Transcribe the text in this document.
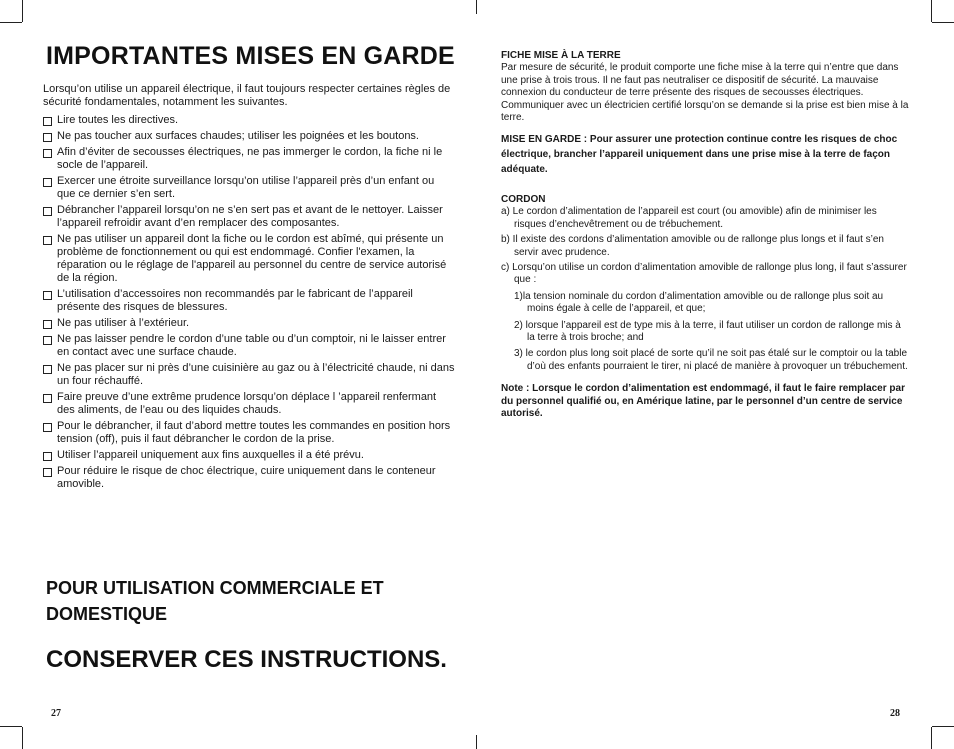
IMPORTANTES MISES EN GARDE

Lorsqu’on utilise un appareil électrique, il faut toujours respecter certaines règles de sécurité fondamentales, notamment les suivantes.

Lire toutes les directives.
Ne pas toucher aux surfaces chaudes; utiliser les poignées et les boutons.
Afin d’éviter de secousses électriques, ne pas immerger le cordon, la fiche ni le socle de l’appareil.
Exercer une étroite surveillance lorsqu’on utilise l’appareil près d’un enfant ou que ce dernier s’en sert.
Débrancher l’appareil lorsqu’on ne s’en sert pas et avant de le nettoyer. Laisser l’appareil refroidir avant d’en remplacer des composantes.
Ne pas utiliser un appareil dont la fiche ou le cordon est abîmé, qui présente un problème de fonctionnement ou qui est endommagé. Confier l'examen, la réparation ou le réglage de l'appareil au personnel du centre de service autorisé de la région.
L’utilisation d’accessoires non recommandés par le fabricant de l’appareil présente des risques de blessures.
Ne pas utiliser à l’extérieur.
Ne pas laisser pendre le cordon d’une table ou d’un comptoir, ni le laisser entrer en contact avec une surface chaude.
Ne pas placer sur ni près d’une cuisinière au gaz ou à l’électricité chaude, ni dans un four réchauffé.
Faire preuve d’une extrême prudence lorsqu’on déplace l ’appareil renfermant des aliments, de l’eau ou des liquides chauds.
Pour le débrancher, il faut d’abord mettre toutes les commandes en position hors tension (off), puis il faut débrancher le cordon de la prise.
Utiliser l’appareil uniquement aux fins auxquelles il a été prévu.
Pour réduire le risque de choc électrique, cuire uniquement dans le conteneur amovible.
POUR UTILISATION COMMERCIALE ET DOMESTIQUE
CONSERVER CES INSTRUCTIONS.
27
FICHE MISE À LA TERRE
Par mesure de sécurité, le produit comporte une fiche mise à la terre qui n’entre que dans une prise à trois trous. Il ne faut pas neutraliser ce dispositif de sécurité. La mauvaise connexion du conducteur de terre présente des risques de secousses électriques. Communiquer avec un électricien certifié lorsqu’on se demande si la prise est bien mise à la terre.
MISE EN GARDE : Pour assurer une protection continue contre les risques de choc électrique, brancher l’appareil uniquement dans une prise mise à la terre de façon adéquate.
CORDON
a) Le cordon d’alimentation de l’appareil est court (ou amovible) afin de minimiser les risques d’enchevêtrement ou de trébuchement.
b) Il existe des cordons d’alimentation amovible ou de rallonge plus longs et il faut s’en servir avec prudence.
c) Lorsqu’on utilise un cordon d’alimentation amovible de rallonge plus long, il faut s’assurer que :
1)la tension nominale du cordon d’alimentation amovible ou de rallonge plus soit au moins égale à celle de l’appareil, et que;
2) lorsque l’appareil est de type mis à la terre, il faut utiliser un cordon de rallonge mis à la terre à trois broche; and
3) le cordon plus long soit placé de sorte qu’il ne soit pas étalé sur le comptoir ou la table d’où des enfants pourraient le tirer, ni placé de manière à provoquer un trébuchement.
Note : Lorsque le cordon d’alimentation est endommagé, il faut le faire remplacer par du personnel qualifié ou, en Amérique latine, par le personnel d’un centre de service autorisé.
28
